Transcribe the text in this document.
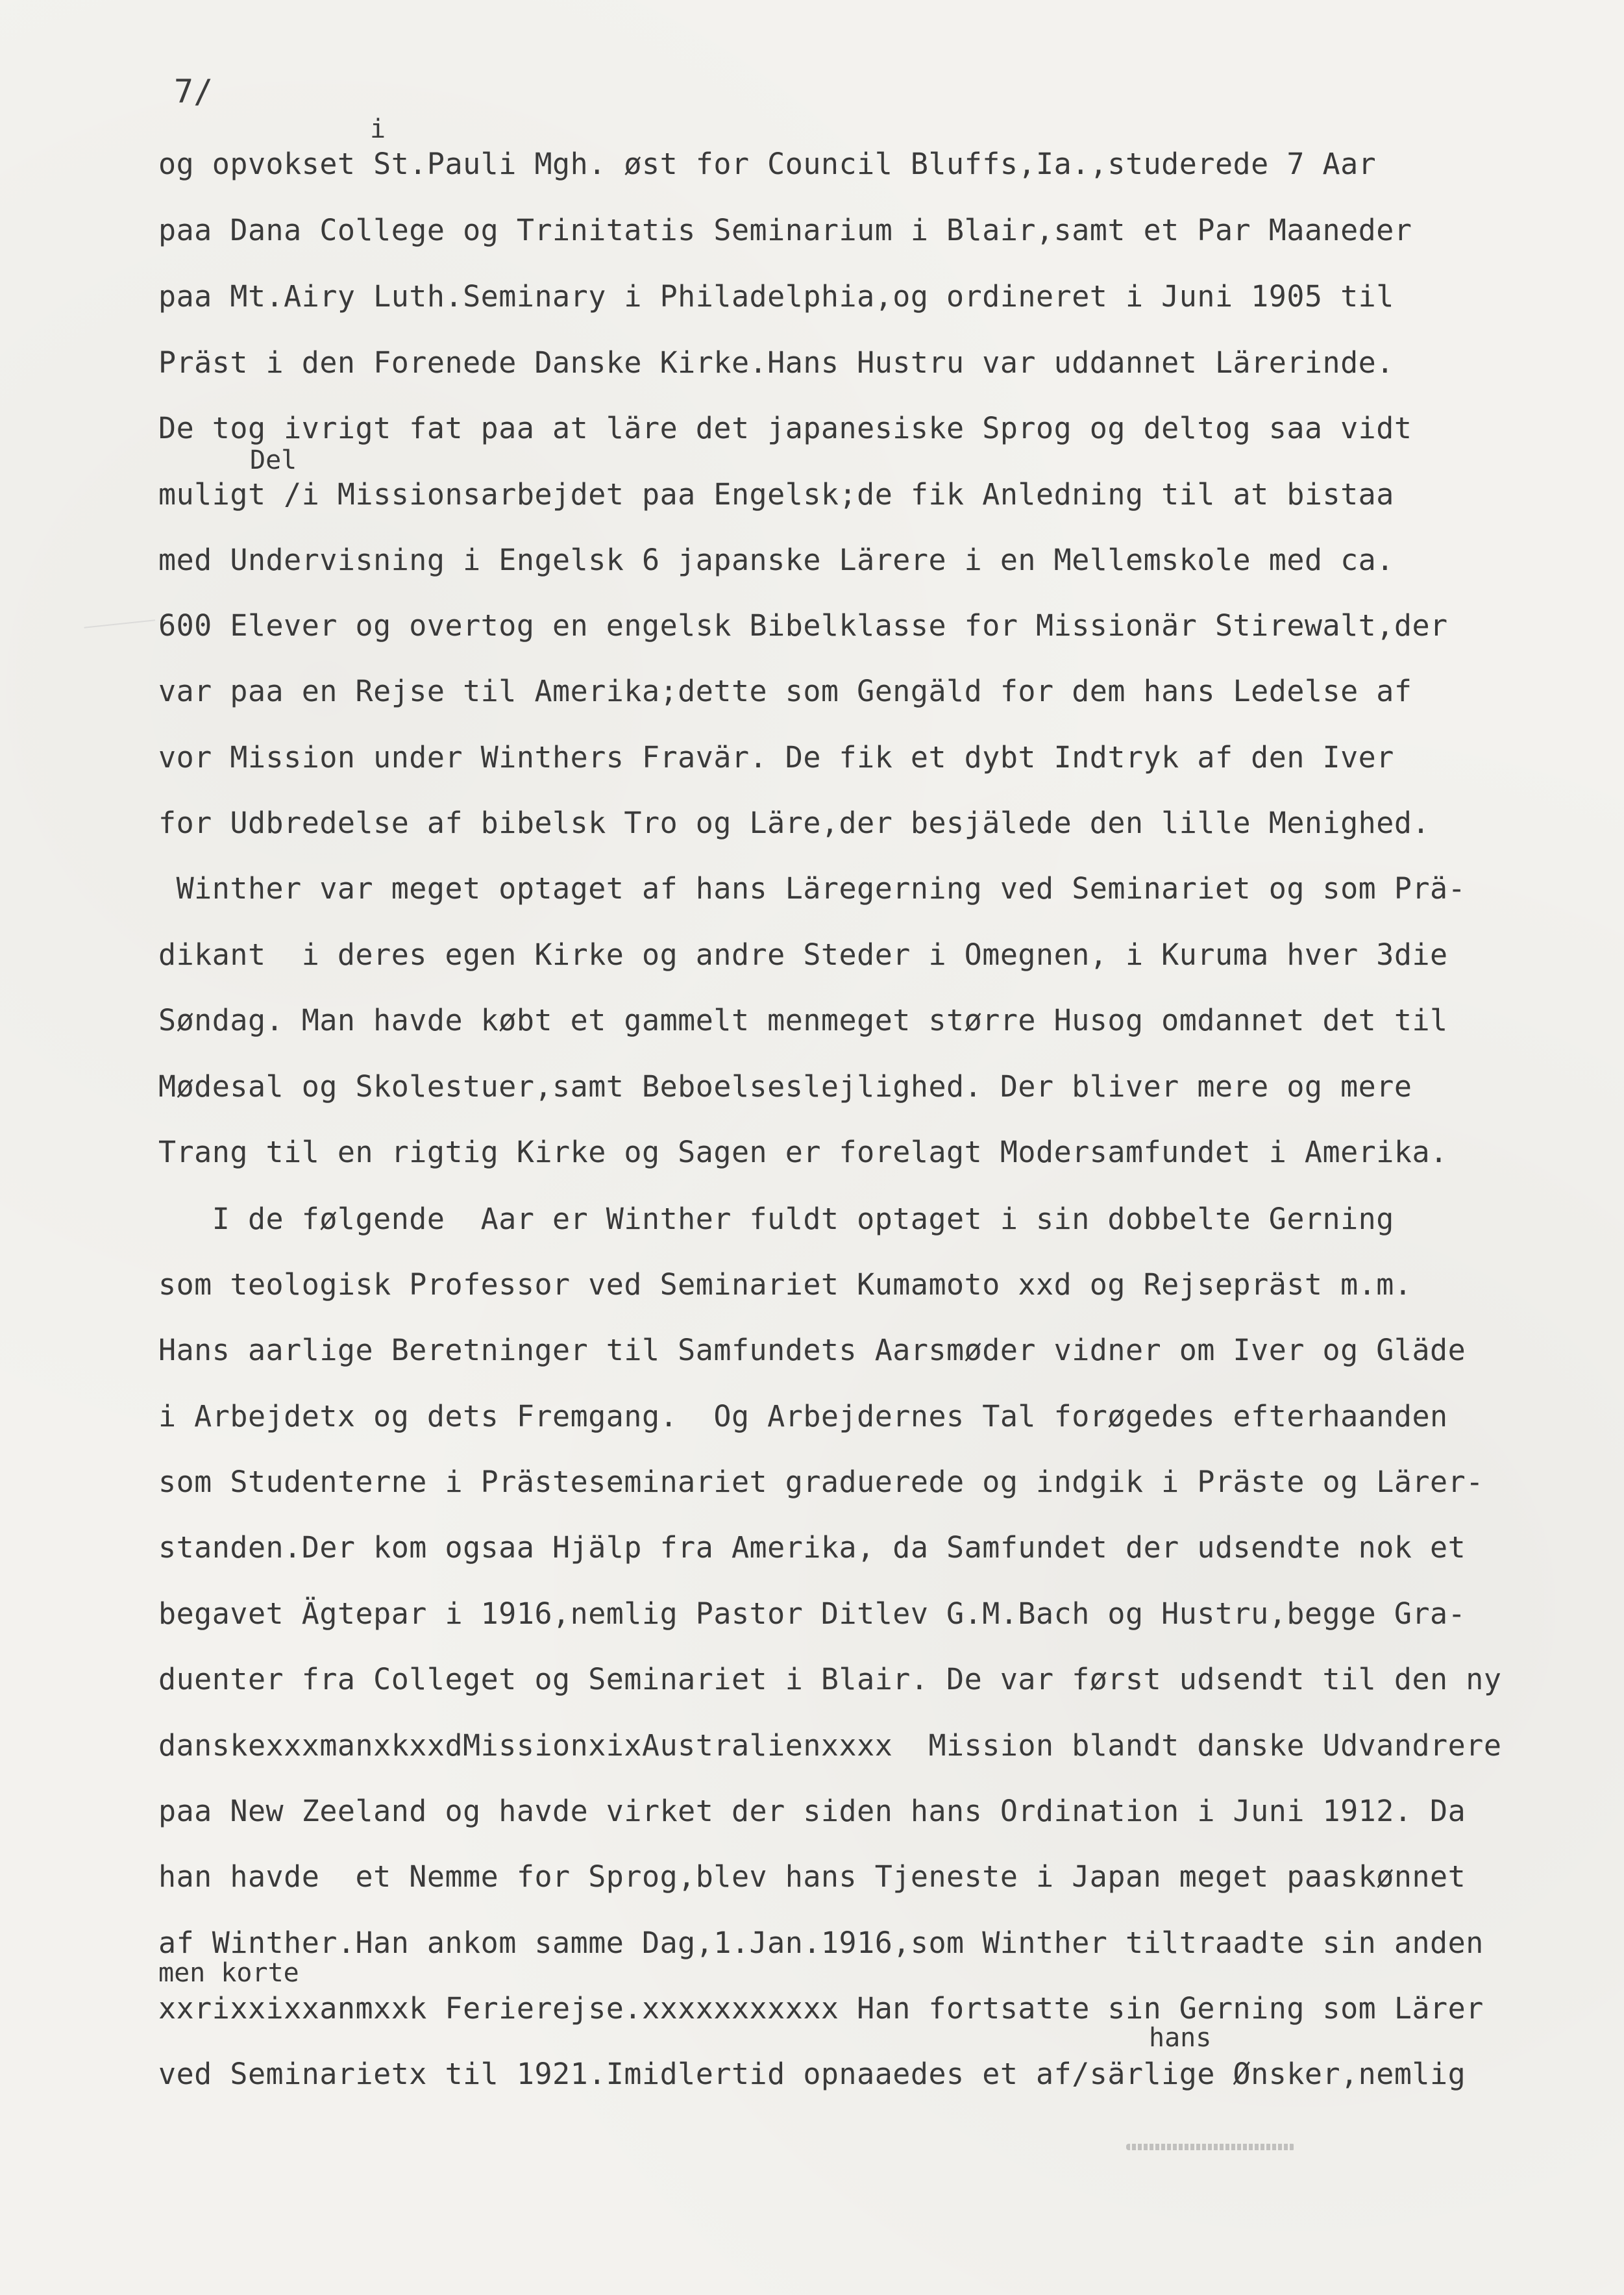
7/
i
og opvokset St.Pauli Mgh. øst for Council Bluffs,Ia.,studerede 7 Aar
paa Dana College og Trinitatis Seminarium i Blair,samt et Par Maaneder
paa Mt.Airy Luth.Seminary i Philadelphia,og ordineret i Juni 1905 til
Präst i den Forenede Danske Kirke.Hans Hustru var uddannet Lärerinde.
De tog ivrigt fat paa at läre det japanesiske Sprog og deltog saa vidt
Del
muligt /i Missionsarbejdet paa Engelsk;de fik Anledning til at bistaa
med Undervisning i Engelsk 6 japanske Lärere i en Mellemskole med ca.
600 Elever og overtog en engelsk Bibelklasse for Missionär Stirewalt,der
var paa en Rejse til Amerika;dette som Gengäld for dem hans Ledelse af
vor Mission under Winthers Fravär. De fik et dybt Indtryk af den Iver
for Udbredelse af bibelsk Tro og Läre,der besjälede den lille Menighed.
Winther var meget optaget af hans Läregerning ved Seminariet og som Prä-
dikant  i deres egen Kirke og andre Steder i Omegnen, i Kuruma hver 3die
Søndag. Man havde købt et gammelt menmeget større Husog omdannet det til
Mødesal og Skolestuer,samt Beboelseslejlighed. Der bliver mere og mere
Trang til en rigtig Kirke og Sagen er forelagt Modersamfundet i Amerika.
I de følgende  Aar er Winther fuldt optaget i sin dobbelte Gerning
som teologisk Professor ved Seminariet Kumamoto xxd og Rejsepräst m.m.
Hans aarlige Beretninger til Samfundets Aarsmøder vidner om Iver og Gläde
i Arbejdetx og dets Fremgang.  Og Arbejdernes Tal forøgedes efterhaanden
som Studenterne i Prästeseminariet graduerede og indgik i Präste og Lärer-
standen.Der kom ogsaa Hjälp fra Amerika, da Samfundet der udsendte nok et
begavet Ägtepar i 1916,nemlig Pastor Ditlev G.M.Bach og Hustru,begge Gra-
duenter fra Colleget og Seminariet i Blair. De var først udsendt til den ny
danskexxxmanxkxxdMissionxixAustralienxxxx  Mission blandt danske Udvandrere
paa New Zeeland og havde virket der siden hans Ordination i Juni 1912. Da
han havde  et Nemme for Sprog,blev hans Tjeneste i Japan meget paaskønnet
af Winther.Han ankom samme Dag,1.Jan.1916,som Winther tiltraadte sin anden
men korte
xxrixxixxanmxxk Ferierejse.xxxxxxxxxxx Han fortsatte sin Gerning som Lärer
hans
ved Seminarietx til 1921.Imidlertid opnaaedes et af/särlige Ønsker,nemlig
